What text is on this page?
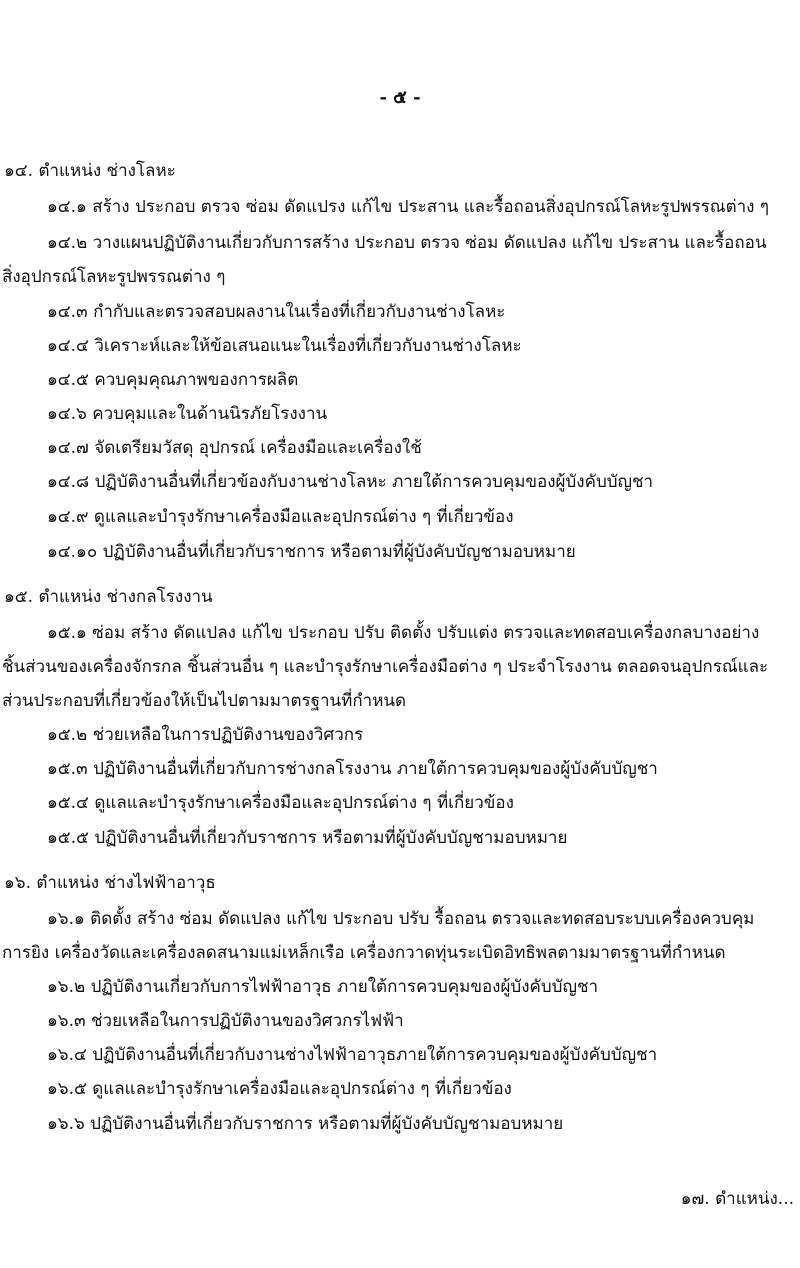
- ๕ -
๑๔. ตำแหน่ง ช่างโลหะ
๑๔.๑ สร้าง ประกอบ ตรวจ ซ่อม ดัดแปรง แก้ไข ประสาน และรื้อถอนสิ่งอุปกรณ์โลหะรูปพรรณต่าง ๆ
๑๔.๒ วางแผนปฏิบัติงานเกี่ยวกับการสร้าง ประกอบ ตรวจ ซ่อม ดัดแปลง แก้ไข ประสาน และรื้อถอน
สิ่งอุปกรณ์โลหะรูปพรรณต่าง ๆ
๑๔.๓ กำกับและตรวจสอบผลงานในเรื่องที่เกี่ยวกับงานช่างโลหะ
๑๔.๔ วิเคราะห์และให้ข้อเสนอแนะในเรื่องที่เกี่ยวกับงานช่างโลหะ
๑๔.๕ ควบคุมคุณภาพของการผลิต
๑๔.๖ ควบคุมและในด้านนิรภัยโรงงาน
๑๔.๗ จัดเตรียมวัสดุ อุปกรณ์ เครื่องมือและเครื่องใช้
๑๔.๘ ปฏิบัติงานอื่นที่เกี่ยวข้องกับงานช่างโลหะ ภายใต้การควบคุมของผู้บังคับบัญชา
๑๔.๙ ดูแลและบำรุงรักษาเครื่องมือและอุปกรณ์ต่าง ๆ ที่เกี่ยวข้อง
๑๔.๑๐ ปฏิบัติงานอื่นที่เกี่ยวกับราชการ หรือตามที่ผู้บังคับบัญชามอบหมาย
๑๕. ตำแหน่ง ช่างกลโรงงาน
๑๕.๑ ซ่อม สร้าง ดัดแปลง แก้ไข ประกอบ ปรับ ติดตั้ง ปรับแต่ง ตรวจและทดสอบเครื่องกลบางอย่าง
ชิ้นส่วนของเครื่องจักรกล ชิ้นส่วนอื่น ๆ และบำรุงรักษาเครื่องมือต่าง ๆ ประจำโรงงาน ตลอดจนอุปกรณ์และ
ส่วนประกอบที่เกี่ยวข้องให้เป็นไปตามมาตรฐานที่กำหนด
๑๕.๒ ช่วยเหลือในการปฏิบัติงานของวิศวกร
๑๕.๓ ปฏิบัติงานอื่นที่เกี่ยวกับการช่างกลโรงงาน ภายใต้การควบคุมของผู้บังคับบัญชา
๑๕.๔ ดูแลและบำรุงรักษาเครื่องมือและอุปกรณ์ต่าง ๆ ที่เกี่ยวข้อง
๑๕.๕ ปฏิบัติงานอื่นที่เกี่ยวกับราชการ หรือตามที่ผู้บังคับบัญชามอบหมาย
๑๖. ตำแหน่ง ช่างไฟฟ้าอาวุธ
๑๖.๑ ติดตั้ง สร้าง ซ่อม ดัดแปลง แก้ไข ประกอบ ปรับ รื้อถอน ตรวจและทดสอบระบบเครื่องควบคุม
การยิง เครื่องวัดและเครื่องลดสนามแม่เหล็กเรือ เครื่องกวาดทุ่นระเบิดอิทธิพลตามมาตรฐานที่กำหนด
๑๖.๒ ปฏิบัติงานเกี่ยวกับการไฟฟ้าอาวุธ ภายใต้การควบคุมของผู้บังคับบัญชา
๑๖.๓ ช่วยเหลือในการปฏิบัติงานของวิศวกรไฟฟ้า
๑๖.๔ ปฏิบัติงานอื่นที่เกี่ยวกับงานช่างไฟฟ้าอาวุธภายใต้การควบคุมของผู้บังคับบัญชา
๑๖.๕ ดูแลและบำรุงรักษาเครื่องมือและอุปกรณ์ต่าง ๆ ที่เกี่ยวข้อง
๑๖.๖ ปฏิบัติงานอื่นที่เกี่ยวกับราชการ หรือตามที่ผู้บังคับบัญชามอบหมาย
๑๗. ตำแหน่ง...
